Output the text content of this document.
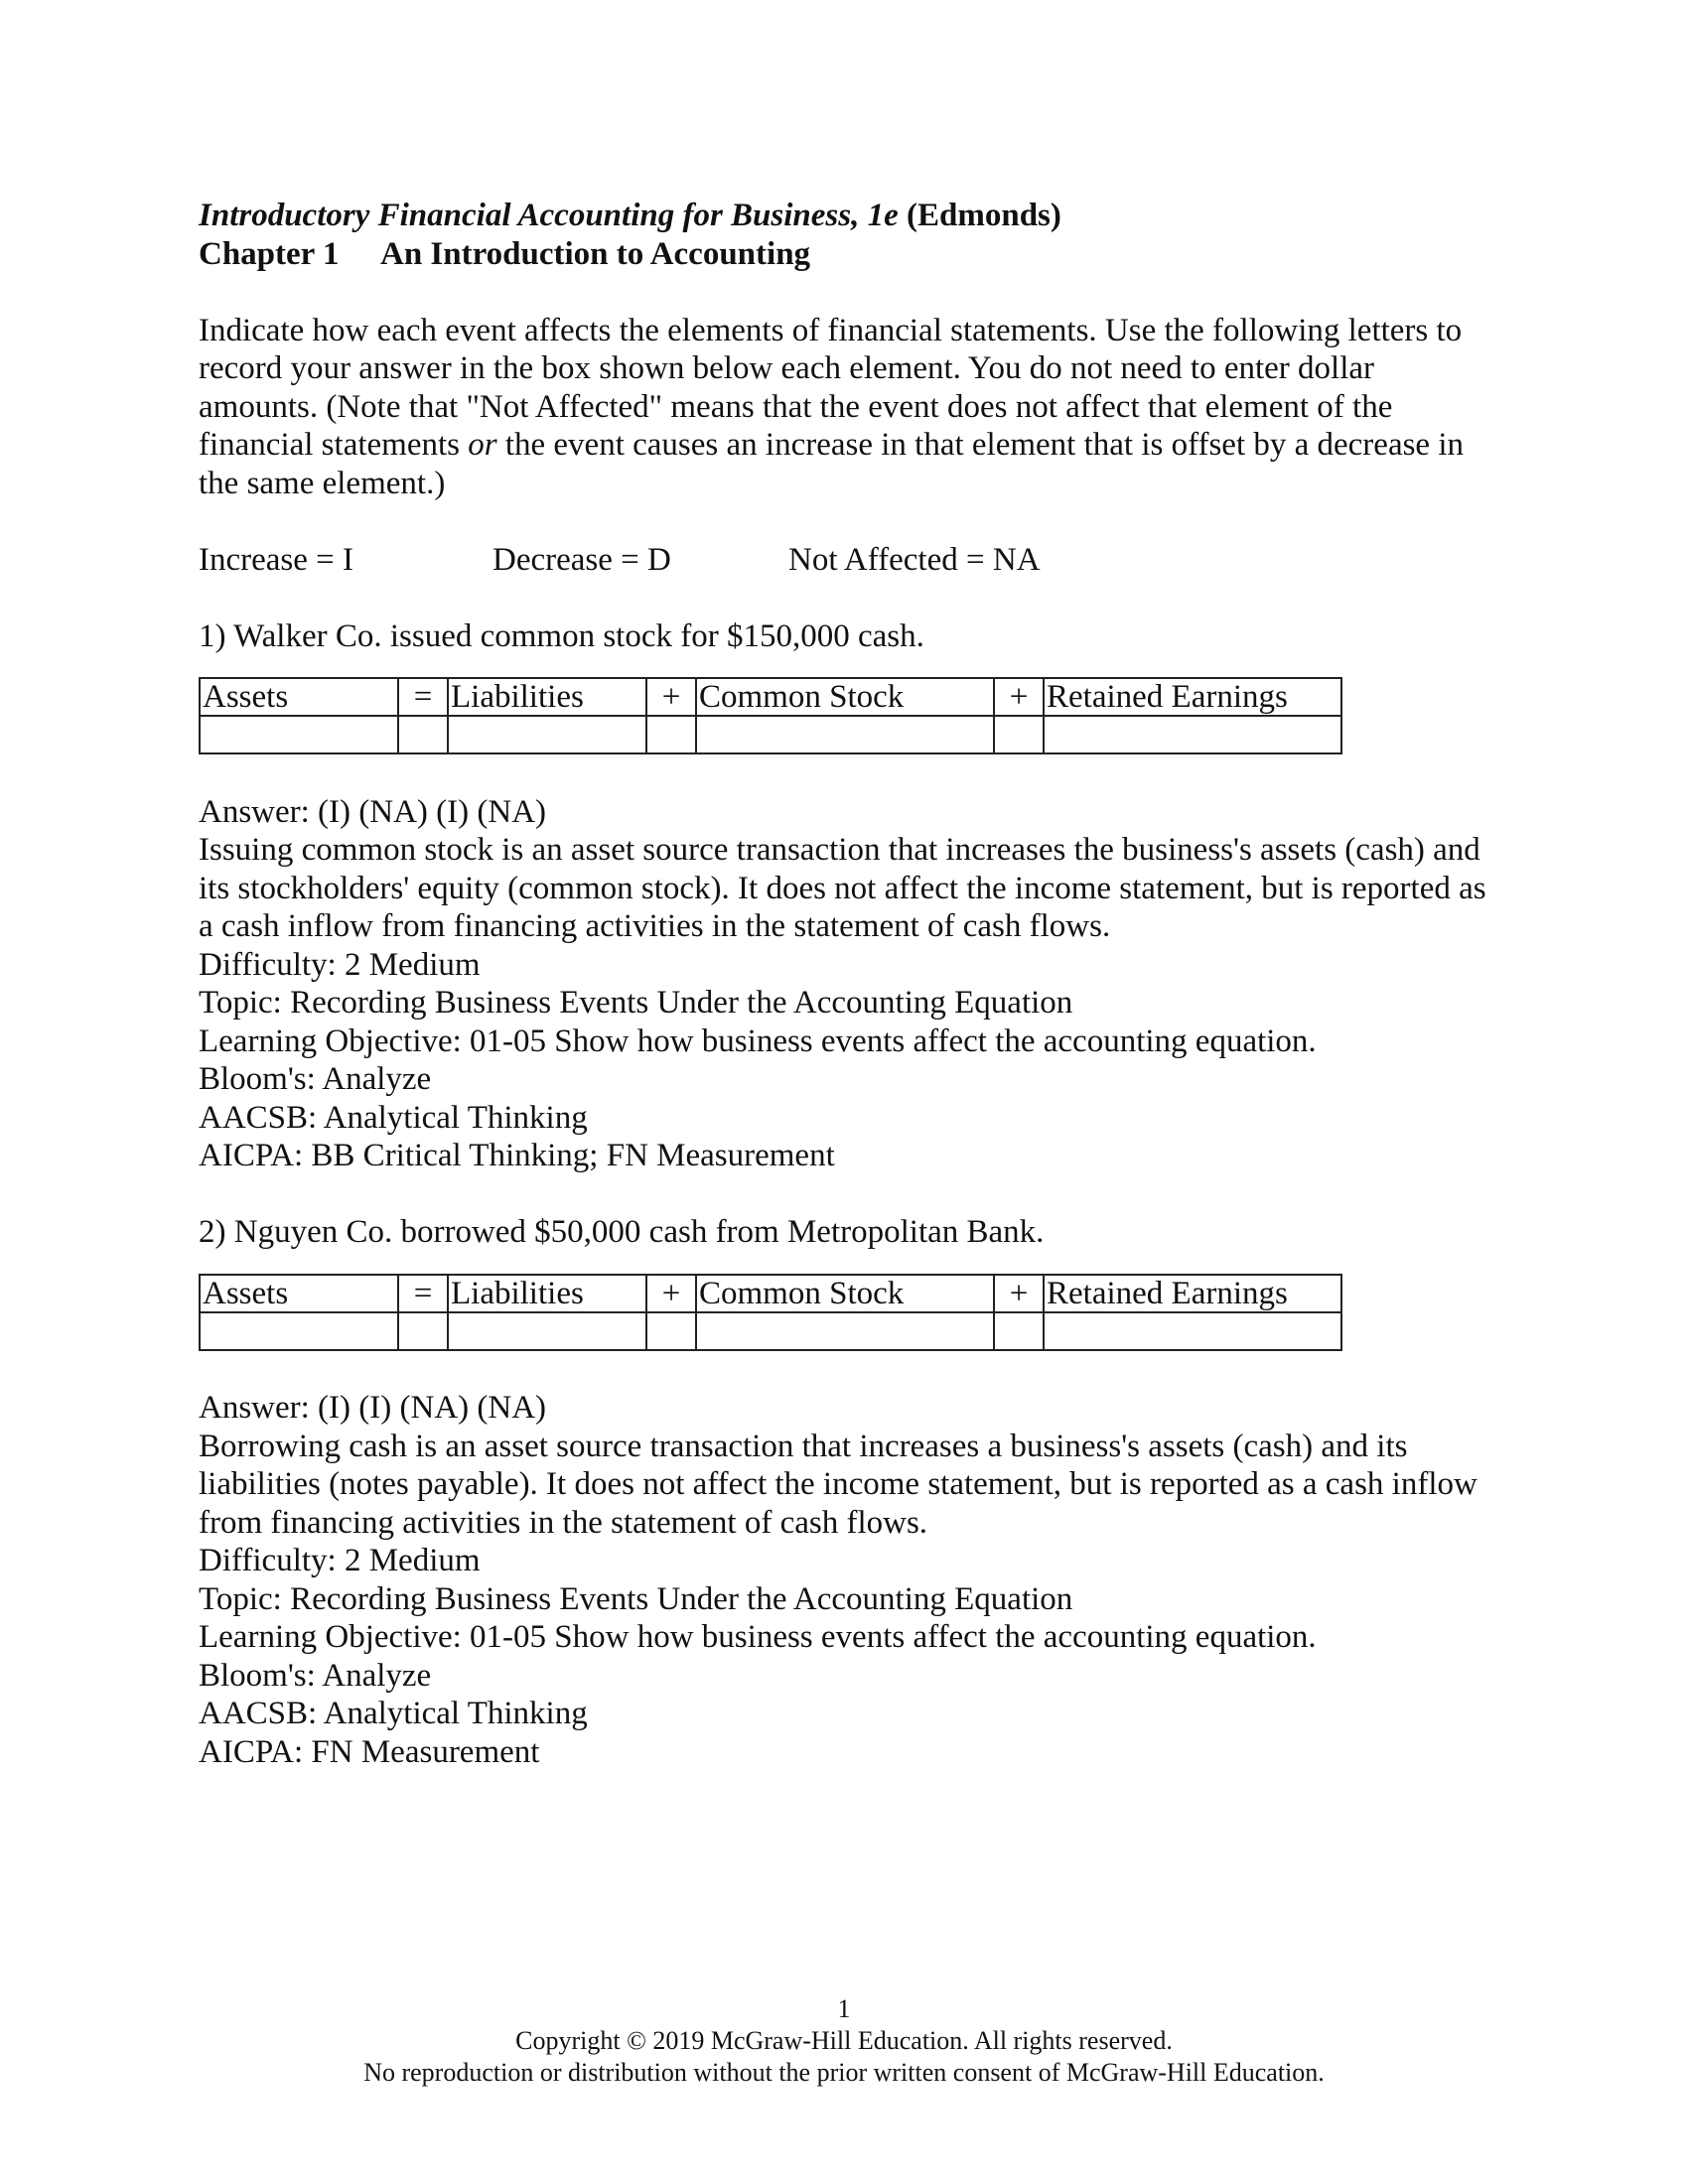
Introductory Financial Accounting for Business, 1e (Edmonds)

Chapter 1 An Introduction to Accounting

Indicate how each event affects the elements of financial statements. Use the following letters to record your answer in the box shown below each element. You do not need to enter dollar amounts. (Note that "Not Affected" means that the event does not affect that element of the financial statements or the event causes an increase in that element that is offset by a decrease in the same element.)

Increase = I	Decrease = D	Not Affected = NA

1) Walker Co. issued common stock for $150,000 cash.

Assets	=	Liabilities	+	Common Stock	+	Retained Earnings

Answer: (I) (NA) (I) (NA)

Issuing common stock is an asset source transaction that increases the business's assets (cash) and its stockholders' equity (common stock). It does not affect the income statement, but is reported as a cash inflow from financing activities in the statement of cash flows.

Difficulty: 2 Medium

Topic: Recording Business Events Under the Accounting Equation

Learning Objective: 01-05 Show how business events affect the accounting equation.

Bloom's: Analyze

AACSB: Analytical Thinking

AICPA: BB Critical Thinking; FN Measurement

2) Nguyen Co. borrowed $50,000 cash from Metropolitan Bank.

Assets	=	Liabilities	+	Common Stock	+	Retained Earnings

Answer: (I) (I) (NA) (NA)

Borrowing cash is an asset source transaction that increases a business's assets (cash) and its liabilities (notes payable). It does not affect the income statement, but is reported as a cash inflow from financing activities in the statement of cash flows.

Difficulty: 2 Medium

Topic: Recording Business Events Under the Accounting Equation

Learning Objective: 01-05 Show how business events affect the accounting equation.

Bloom's: Analyze

AACSB: Analytical Thinking

AICPA: FN Measurement

1
Copyright © 2019 McGraw-Hill Education. All rights reserved.
No reproduction or distribution without the prior written consent of McGraw-Hill Education.
